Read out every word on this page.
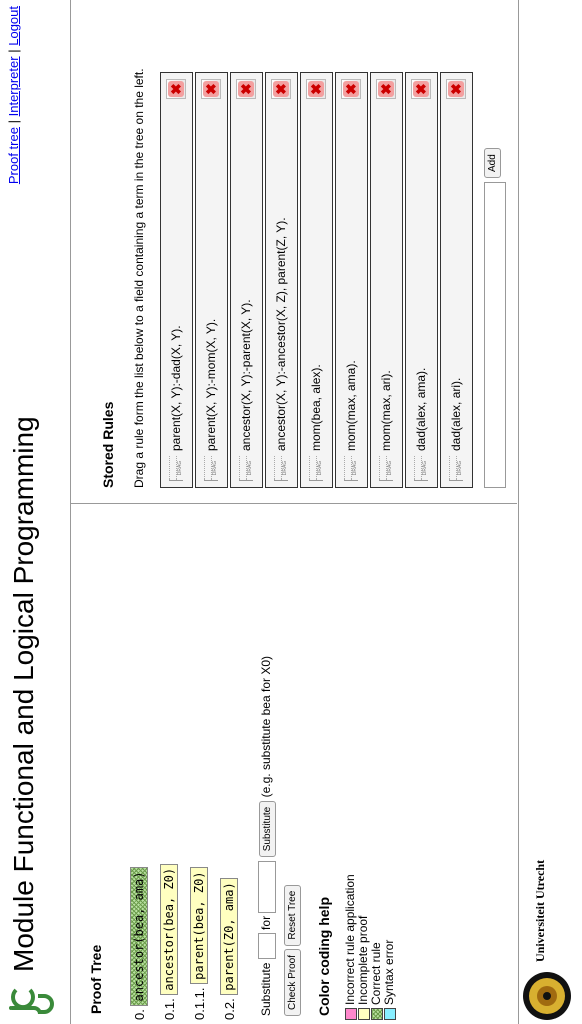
Module Functional and Logical Programming
Proof tree | Interpreter | Logout
Proof Tree
0. ancestor(bea, ama)
0.1. ancestor(bea, Z0)
0.1.1. parent(bea, Z0)
0.2. parent(Z0, ama) Substitute  for  Substitute (e.g. substitute bea for X0)
Check Proof Reset Tree Color coding help Incorrect rule application Incomplete proof Correct rule Syntax error
Stored Rules Drag a rule form the list below to a field containing a term in the tree on the left.	DRAG
parent(X, Y):-dad(X, Y).
✖
DRAG
parent(X, Y):-mom(X, Y).
✖
DRAG
ancestor(X, Y):-parent(X, Y).
✖
DRAG
ancestor(X, Y):-ancestor(X, Z), parent(Z, Y).
✖
DRAG
mom(bea, alex).
✖
DRAG
mom(max, ama).
✖
DRAG
mom(max, ari).
✖
DRAG
dad(alex, ama).
✖
DRAG
dad(alex, ari).
✖
Add
Universiteit Utrecht
